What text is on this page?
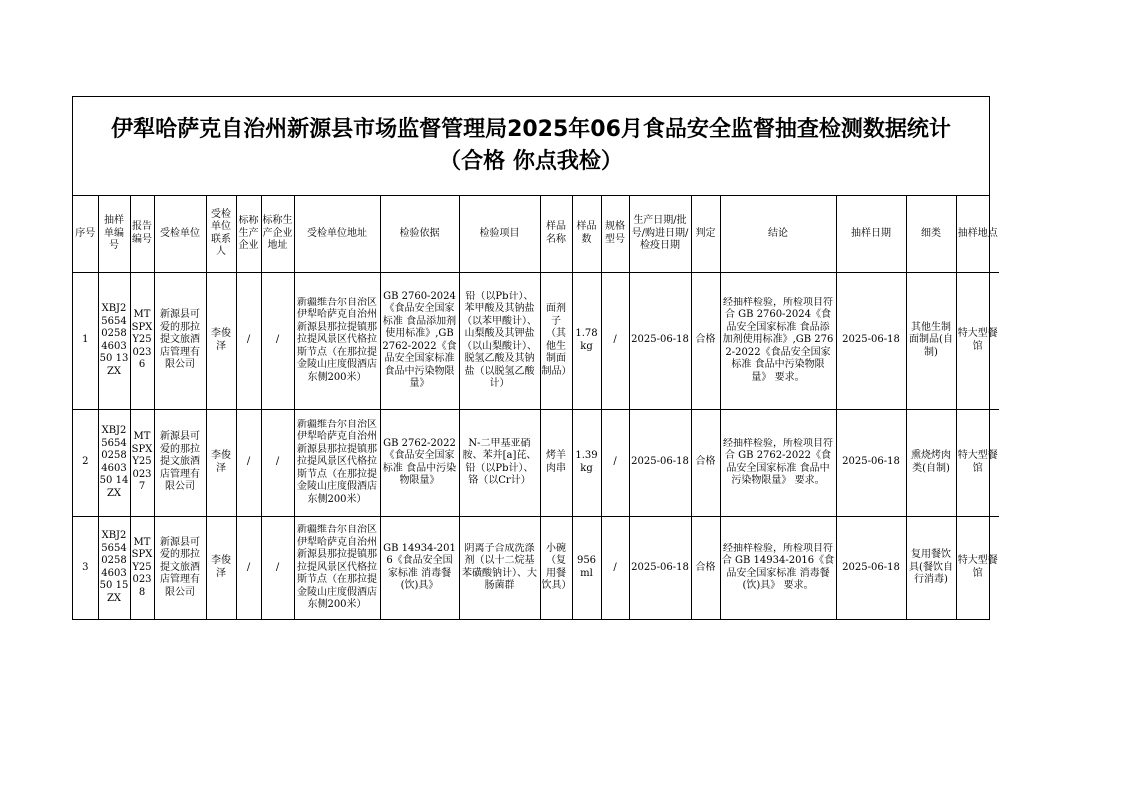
伊犁哈萨克自治州新源县市场监督管理局2025年06月食品安全监督抽查检测数据统计
（合格 你点我检）
序号	抽样单编号	报告编号	受检单位	受检单位联系人	标称生产企业	标称生产企业地址	受检单位地址	检验依据	检验项目	样品名称	样品数	规格型号	生产日期/批号/购进日期/检疫日期	判定	结论	抽样日期	细类	抽样地点
1	XBJ256540258460350 13ZX	MTSPXY250236	新源县可爱的那拉提文旅酒店管理有限公司	李俊泽	/	/	新疆维吾尔自治区伊犁哈萨克自治州新源县那拉提镇那拉提风景区代格拉斯节点（在那拉提金陵山庄度假酒店东侧200米）	GB 2760-2024《食品安全国家标准 食品添加剂使用标准》,GB 2762-2022《食品安全国家标准 食品中污染物限量》	铅（以Pb计）、苯甲酸及其钠盐（以苯甲酸计）、山梨酸及其钾盐（以山梨酸计）、脱氢乙酸及其钠盐（以脱氢乙酸计）	面剂子（其他生制面制品）	1.78kg	/	2025-06-18	合格	经抽样检验，所检项目符合 GB 2760-2024《食品安全国家标准 食品添加剂使用标准》,GB 2762-2022《食品安全国家标准 食品中污染物限量》 要求。	2025-06-18	其他生制面制品(自制)	特大型餐馆
2	XBJ256540258460350 14ZX	MTSPXY250237	新源县可爱的那拉提文旅酒店管理有限公司	李俊泽	/	/	新疆维吾尔自治区伊犁哈萨克自治州新源县那拉提镇那拉提风景区代格拉斯节点（在那拉提金陵山庄度假酒店东侧200米）	GB 2762-2022《食品安全国家标准 食品中污染物限量》	N-二甲基亚硝胺、苯并[a]芘、铅（以Pb计）、铬（以Cr计）	烤羊肉串	1.39kg	/	2025-06-18	合格	经抽样检验，所检项目符合 GB 2762-2022《食品安全国家标准 食品中污染物限量》 要求。	2025-06-18	熏烧烤肉类(自制)	特大型餐馆
3	XBJ256540258460350 15ZX	MTSPXY250238	新源县可爱的那拉提文旅酒店管理有限公司	李俊泽	/	/	新疆维吾尔自治区伊犁哈萨克自治州新源县那拉提镇那拉提风景区代格拉斯节点（在那拉提金陵山庄度假酒店东侧200米）	GB 14934-2016《食品安全国家标准 消毒餐(饮)具》	阴离子合成洗涤剂（以十二烷基苯磺酸钠计）、大肠菌群	小碗（复用餐饮具）	956ml	/	2025-06-18	合格	经抽样检验，所检项目符合 GB 14934-2016《食品安全国家标准 消毒餐(饮)具》 要求。	2025-06-18	复用餐饮具(餐饮自行消毒)	特大型餐馆
